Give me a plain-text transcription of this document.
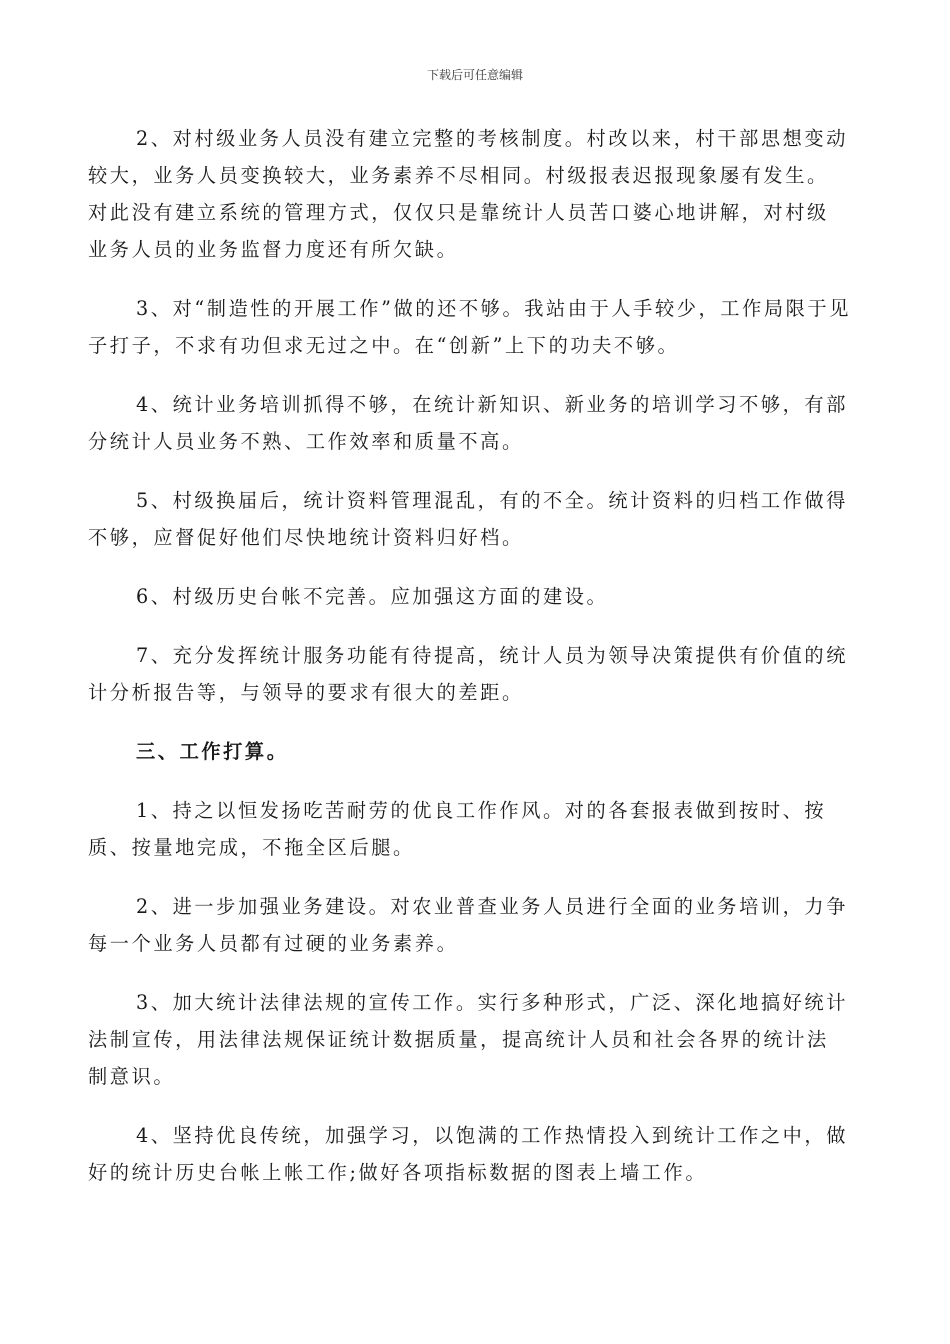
下载后可任意编辑

2、对村级业务人员没有建立完整的考核制度。村改以来，村干部思想变动较大，业务人员变换较大，业务素养不尽相同。村级报表迟报现象屡有发生。
对此没有建立系统的管理方式，仅仅只是靠统计人员苦口婆心地讲解，对村级
业务人员的业务监督力度还有所欠缺。

3、对“制造性的开展工作”做的还不够。我站由于人手较少，工作局限于见子打子，不求有功但求无过之中。在“创新”上下的功夫不够。

4、统计业务培训抓得不够，在统计新知识、新业务的培训学习不够，有部分统计人员业务不熟、工作效率和质量不高。

5、村级换届后，统计资料管理混乱，有的不全。统计资料的归档工作做得不够，应督促好他们尽快地统计资料归好档。

6、村级历史台帐不完善。应加强这方面的建设。

7、充分发挥统计服务功能有待提高，统计人员为领导决策提供有价值的统计分析报告等，与领导的要求有很大的差距。

三、工作打算。

1、持之以恒发扬吃苦耐劳的优良工作作风。对的各套报表做到按时、按质、按量地完成，不拖全区后腿。

2、进一步加强业务建设。对农业普查业务人员进行全面的业务培训，力争每一个业务人员都有过硬的业务素养。

3、加大统计法律法规的宣传工作。实行多种形式，广泛、深化地搞好统计法制宣传，用法律法规保证统计数据质量，提高统计人员和社会各界的统计法
制意识。

4、坚持优良传统，加强学习，以饱满的工作热情投入到统计工作之中，做好的统计历史台帐上帐工作;做好各项指标数据的图表上墙工作。
